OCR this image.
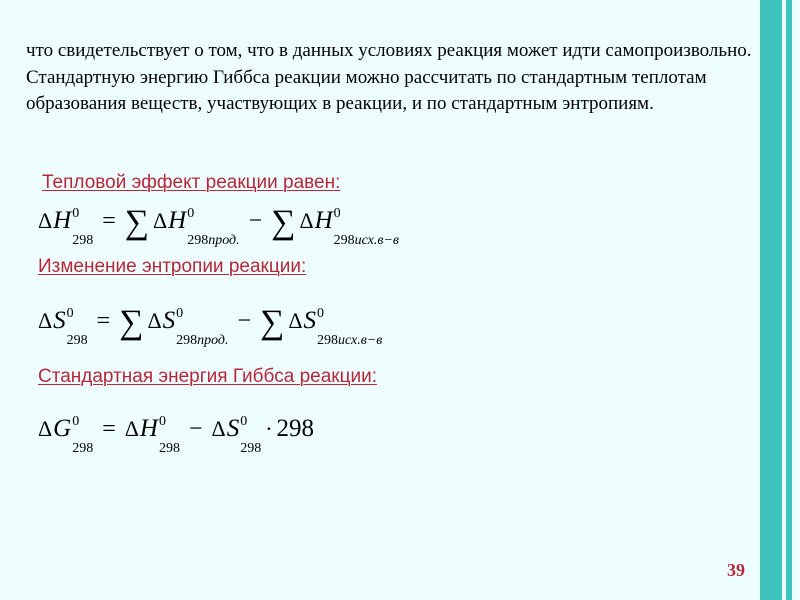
что свидетельствует о том, что в данных условиях реакция может идти самопроизвольно.

Стандартную энергию Гиббса реакции можно рассчитать по стандартным теплотам образования веществ, участвующих в реакции, и по стандартным энтропиям.

Тепловой эффект реакции равен:
Δ H 0
298
= ∑ Δ H 0
298прод.
− ∑ Δ H 0
298исх.в−в
Изменение энтропии реакции:
Δ S 0
298
= ∑ Δ S 0
298прод.
− ∑ Δ S 0
298исх.в−в
Стандартная энергия Гиббса реакции:
Δ G 0
298
= Δ H 0
298
− Δ S 0
298
· 298
39
